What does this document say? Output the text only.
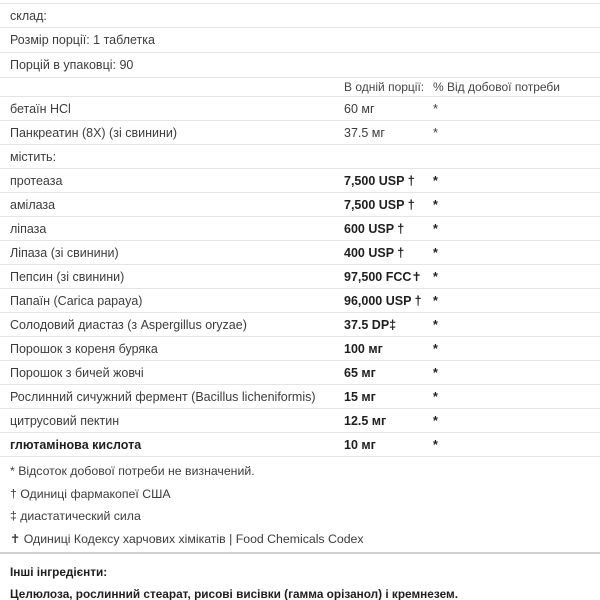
склад:
Розмір порції: 1 таблетка
Порцій в упаковці: 90
В одній порції: % Від добової потреби
бетаїн HCl	60 мг	*
Панкреатин (8X) (зі свинини)	37.5 мг	*
містить:
протеаза	7,500 USP †	*
амілаза	7,500 USP †	*
ліпаза	600 USP †	*
Ліпаза (зі свинини)	400 USP †	*
Пепсин (зі свинини)	97,500 FCC✝ *
Папаїн (Carica papaya)	96,000 USP † *
Солодовий диастаз (з Aspergillus oryzae)	37.5 DP‡	*
Порошок з кореня буряка	100 мг	*
Порошок з бичей жовчі	65 мг	*
Рослинний сичужний фермент (Bacillus licheniformis)	15 мг	*
цитрусовий пектин	12.5 мг	*
глютамінова кислота	10 мг	*
* Відсоток добової потреби не визначений.
† Одиниці фармакопеї США
‡ диастатический сила
✝ Одиниці Кодексу харчових хімікатів | Food Chemicals Codex
Інші інгредієнти:
Целюлоза, рослинний стеарат, рисові висівки (гамма орізанол) і кремнезем.
